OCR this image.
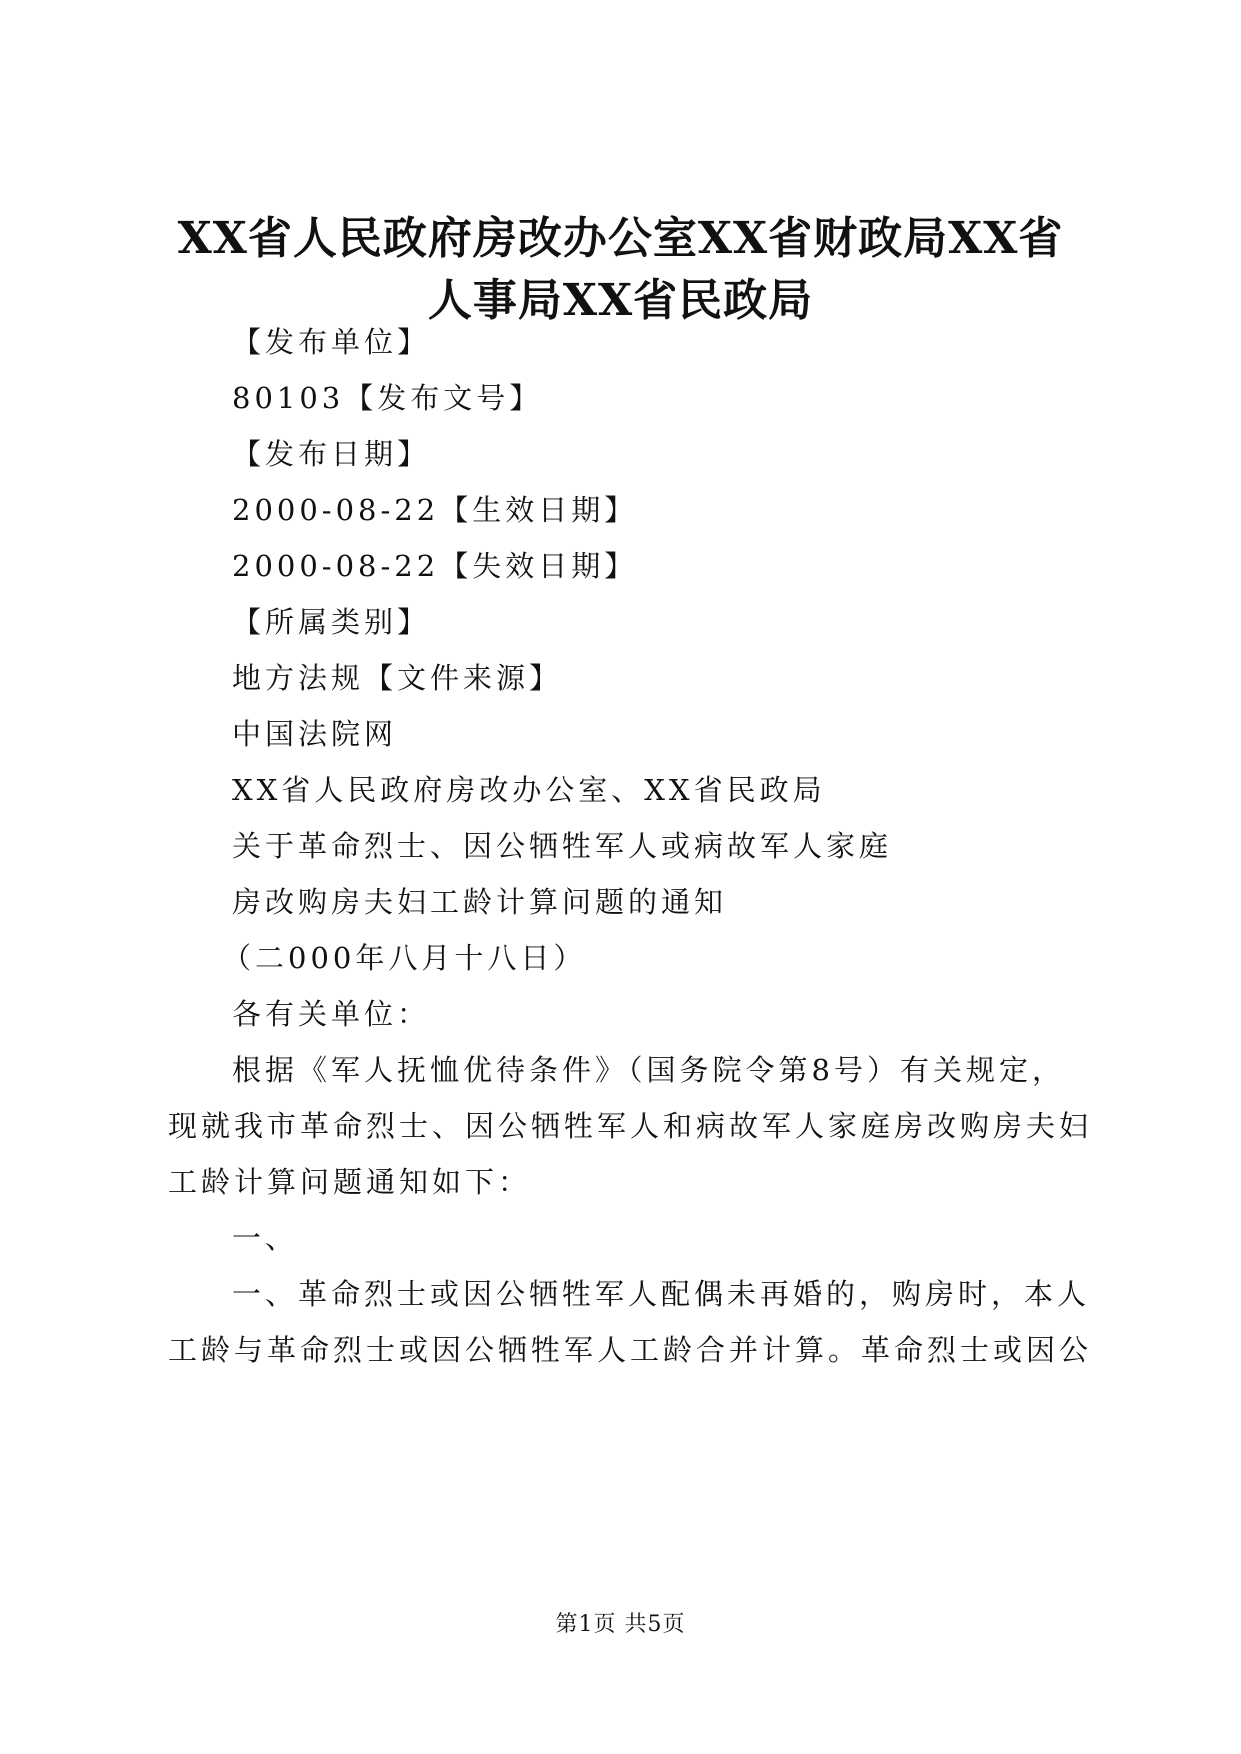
XX省人民政府房改办公室XX省财政局XX省
人事局XX省民政局
【发布单位】
80103【发布文号】
【发布日期】
2000-08-22【生效日期】
2000-08-22【失效日期】
【所属类别】
地方法规【文件来源】
中国法院网
XX省人民政府房改办公室、XX省民政局
关于革命烈士、因公牺牲军人或病故军人家庭
房改购房夫妇工龄计算问题的通知
（二000年八月十八日）
各有关单位：
根据《军人抚恤优待条件》（国务院令第8号）有关规定，
现就我市革命烈士、因公牺牲军人和病故军人家庭房改购房夫妇
工龄计算问题通知如下：
一、
一、革命烈士或因公牺牲军人配偶未再婚的，购房时，本人
工龄与革命烈士或因公牺牲军人工龄合并计算。革命烈士或因公
第1页 共5页
